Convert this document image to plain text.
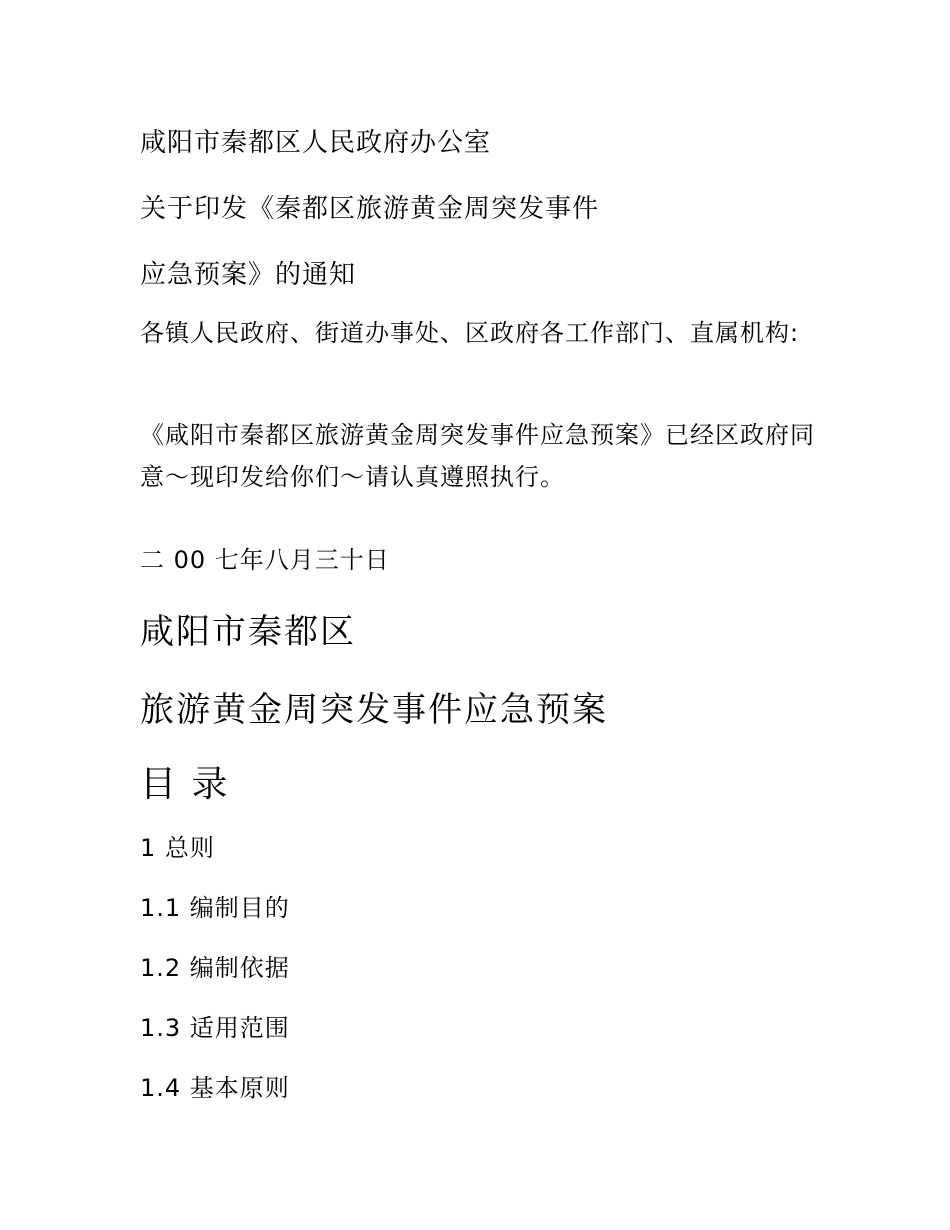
咸阳市秦都区人民政府办公室
关于印发《秦都区旅游黄金周突发事件
应急预案》的通知
各镇人民政府、街道办事处、区政府各工作部门、直属机构:
《咸阳市秦都区旅游黄金周突发事件应急预案》已经区政府同意～现印发给你们～请认真遵照执行。
二 00 七年八月三十日
咸阳市秦都区
旅游黄金周突发事件应急预案
目 录
1 总则
1.1 编制目的
1.2 编制依据
1.3 适用范围
1.4 基本原则
